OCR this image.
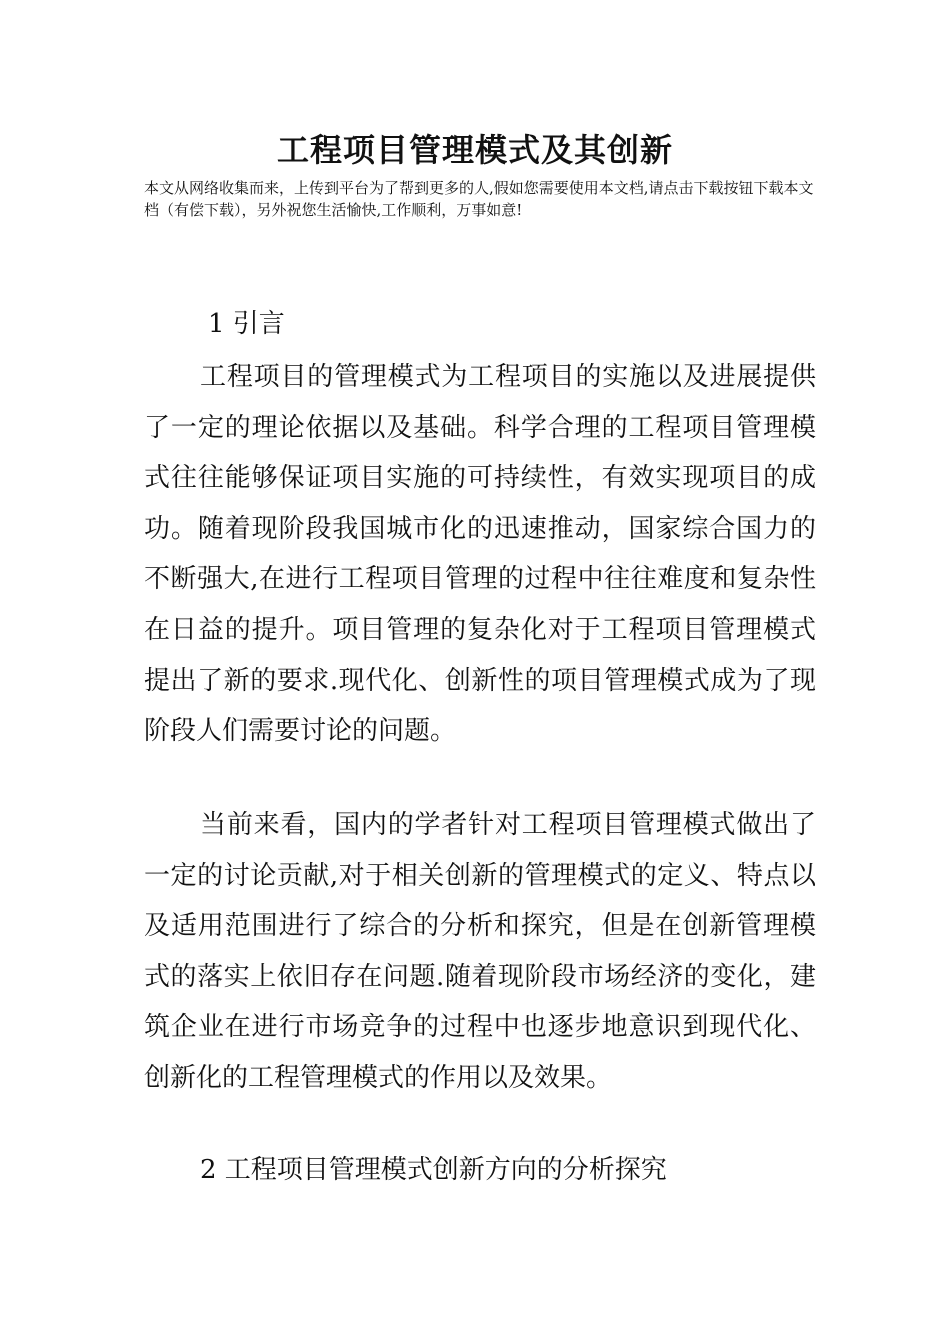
工程项目管理模式及其创新
本文从网络收集而来，上传到平台为了帮到更多的人,假如您需要使用本文档,请点击下载按钮下载本文档（有偿下载），另外祝您生活愉快,工作顺利，万事如意!
1 引言
工程项目的管理模式为工程项目的实施以及进展提供了一定的理论依据以及基础。科学合理的工程项目管理模式往往能够保证项目实施的可持续性，有效实现项目的成功。随着现阶段我国城市化的迅速推动，国家综合国力的不断强大,在进行工程项目管理的过程中往往难度和复杂性在日益的提升。项目管理的复杂化对于工程项目管理模式提出了新的要求.现代化、创新性的项目管理模式成为了现阶段人们需要讨论的问题。
当前来看，国内的学者针对工程项目管理模式做出了一定的讨论贡献,对于相关创新的管理模式的定义、特点以及适用范围进行了综合的分析和探究，但是在创新管理模式的落实上依旧存在问题.随着现阶段市场经济的变化，建筑企业在进行市场竞争的过程中也逐步地意识到现代化、创新化的工程管理模式的作用以及效果。
2 工程项目管理模式创新方向的分析探究
